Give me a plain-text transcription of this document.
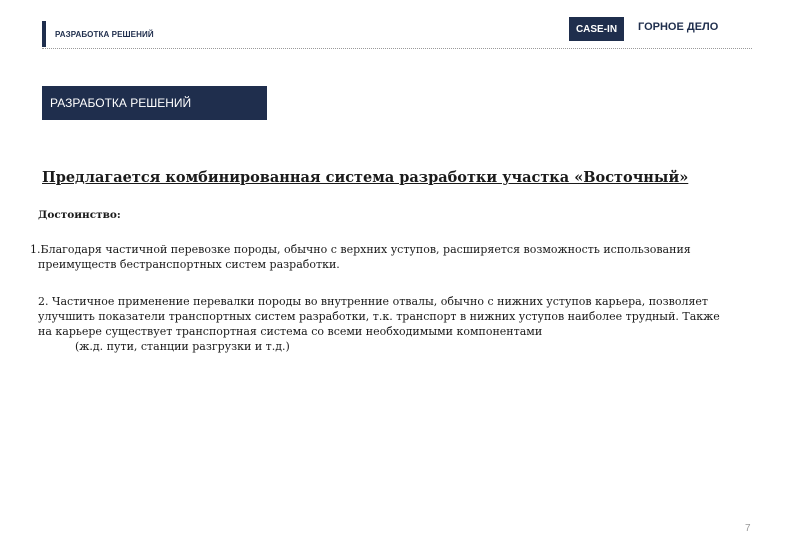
РАЗРАБОТКА РЕШЕНИЙ	CASE-IN	ГОРНОЕ ДЕЛО
РАЗРАБОТКА РЕШЕНИЙ
Предлагается комбинированная система разработки участка «Восточный»
Достоинство:
1.Благодаря частичной перевозке породы, обычно с верхних уступов, расширяется возможность использования
преимуществ бестранспортных систем разработки.
2. Частичное применение перевалки породы во внутренние отвалы, обычно с нижних уступов карьера, позволяет
улучшить показатели транспортных систем разработки, т.к. транспорт в нижних уступов наиболее трудный. Также
на карьере существует транспортная система со всеми необходимыми компонентами
(ж.д. пути, станции разгрузки и т.д.)
7
